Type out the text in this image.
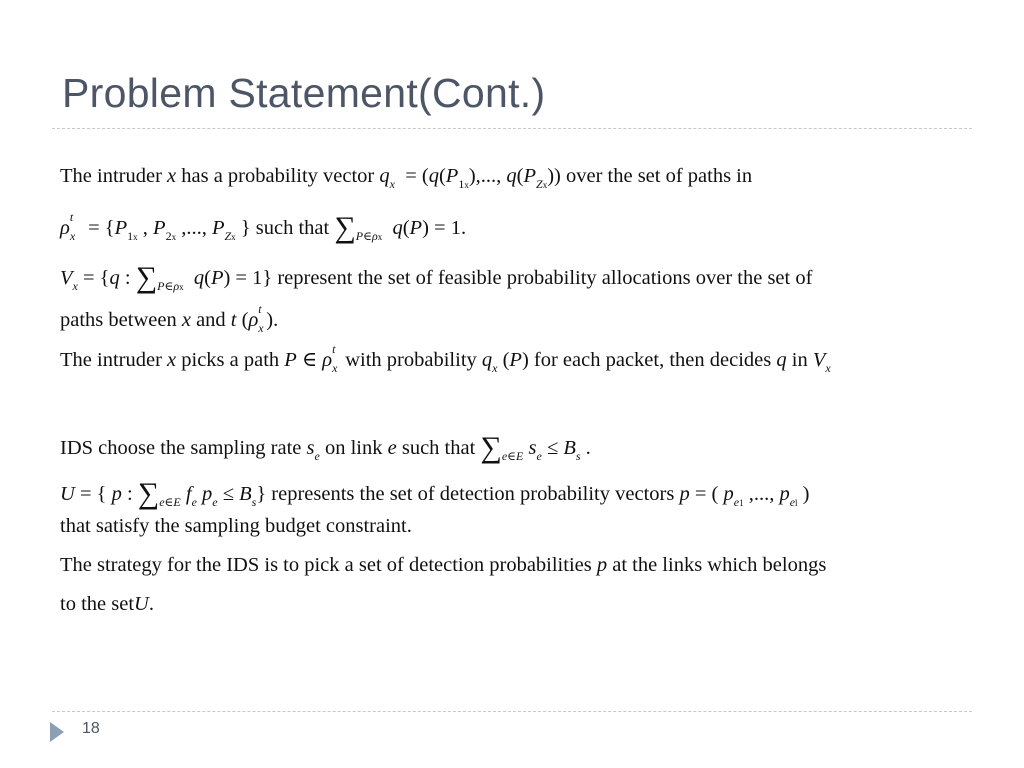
Problem Statement(Cont.)
The intruder x has a probability vector $q_x = (q(P_{1x})$,..., $q(P_{Zx})$) over the set of paths in
ρ t
$x = \{P_{1x}$ , $P_{2x}$ ,..., $P_{Zx}$ } such that $\sum_{P\in\rho x}$ q(P) = 1.
$V_x = \{q$ : $\sum_{P\in\rho x}$ q(P) = 1} represent the set of feasible probability allocations over the set of
paths between x and t (ρ t
x ).
The intruder x picks a path P ∈ ρ t
x with probability $q_x$ (P) for each packet, then decides q in $V_x$
IDS choose the sampling rate $s_e$ on link e such that $\sum_{e\in E}$ $s_e \le B_s$ .
U = { p : $\sum_{e\in E}$ $f_e$ $p_e \le B_s$} represents the set of detection probability vectors p = ( $p_{e1}$ ,..., $p_{el}$ )
that satisfy the sampling budget constraint.
The strategy for the IDS is to pick a set of detection probabilities p at the links which belongs
to the setU.
18
